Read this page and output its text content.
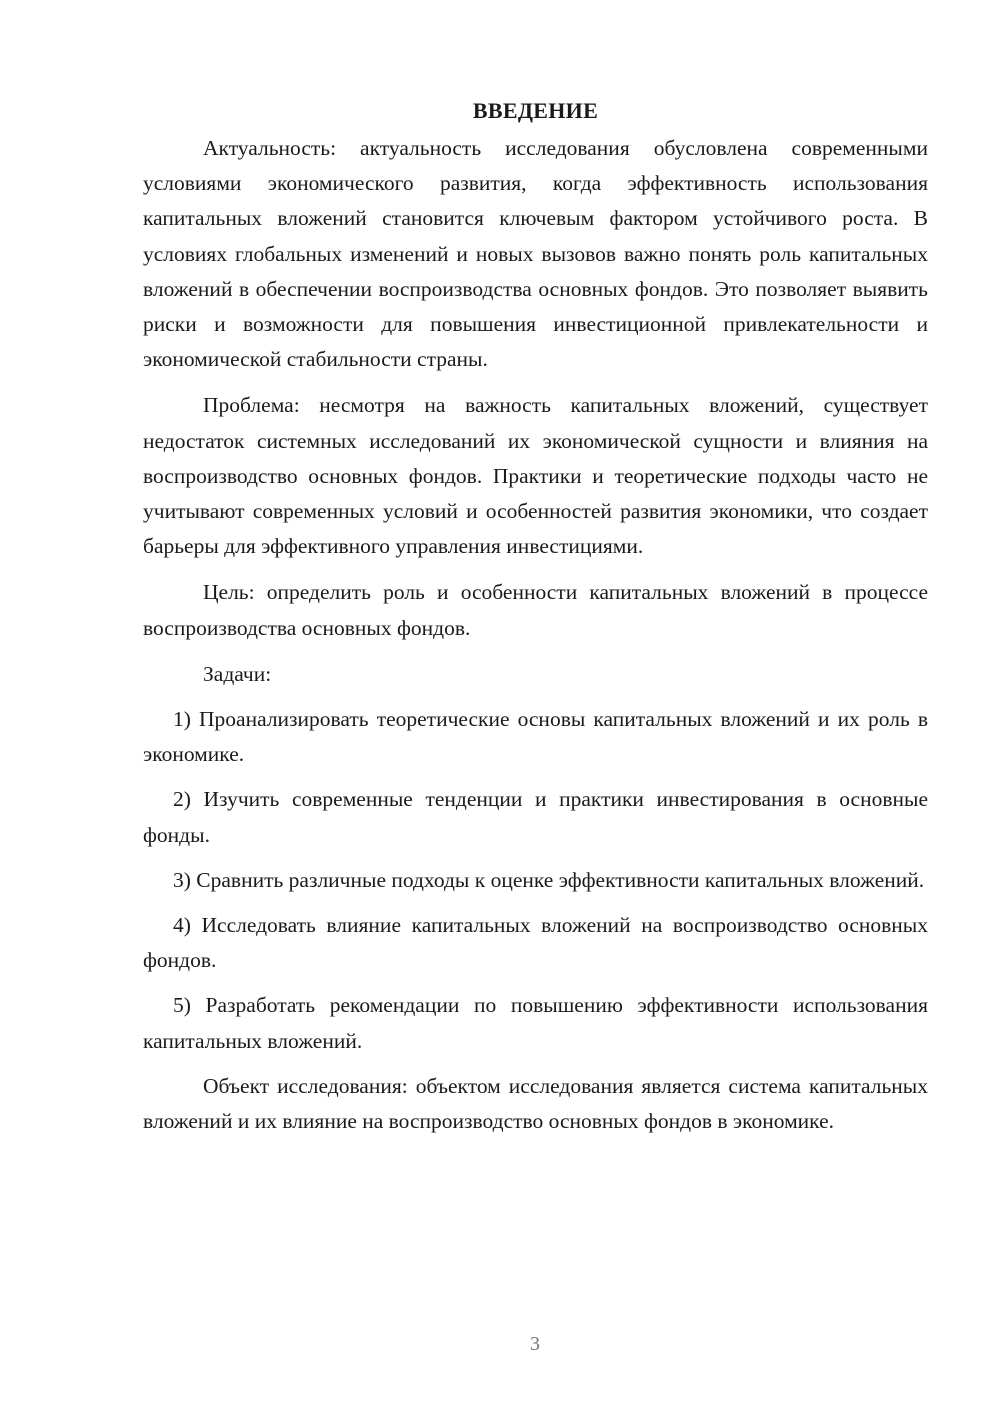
ВВЕДЕНИЕ

Актуальность: актуальность исследования обусловлена современными условиями экономического развития, когда эффективность использования капитальных вложений становится ключевым фактором устойчивого роста. В условиях глобальных изменений и новых вызовов важно понять роль капитальных вложений в обеспечении воспроизводства основных фондов. Это позволяет выявить риски и возможности для повышения инвестиционной привлекательности и экономической стабильности страны.

Проблема: несмотря на важность капитальных вложений, существует недостаток системных исследований их экономической сущности и влияния на воспроизводство основных фондов. Практики и теоретические подходы часто не учитывают современных условий и особенностей развития экономики, что создает барьеры для эффективного управления инвестициями.

Цель: определить роль и особенности капитальных вложений в процессе воспроизводства основных фондов.

Задачи:

1) Проанализировать теоретические основы капитальных вложений и их роль в экономике.

2) Изучить современные тенденции и практики инвестирования в основные фонды.

3) Сравнить различные подходы к оценке эффективности капитальных вложений.

4) Исследовать влияние капитальных вложений на воспроизводство основных фондов.

5) Разработать рекомендации по повышению эффективности использования капитальных вложений.

Объект исследования: объектом исследования является система капитальных вложений и их влияние на воспроизводство основных фондов в экономике.

3
